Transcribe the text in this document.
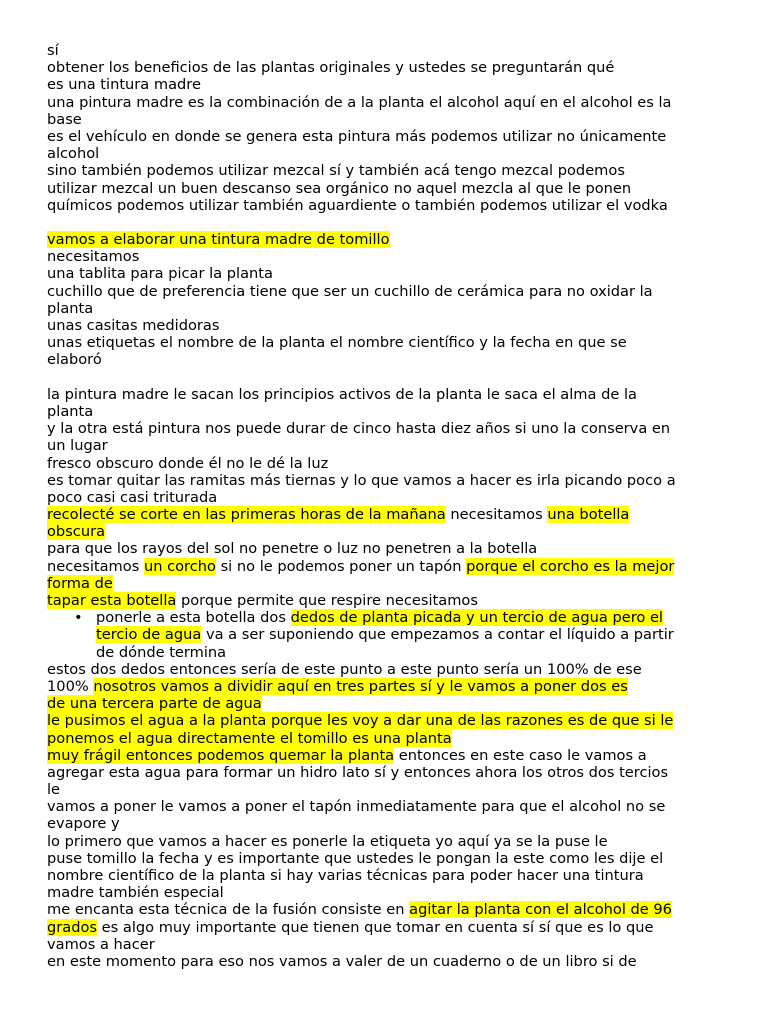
sí
obtener los beneficios de las plantas originales y ustedes se preguntarán qué
es una tintura madre
una pintura madre es la combinación de a la planta el alcohol aquí en el alcohol es la
base
es el vehículo en donde se genera esta pintura más podemos utilizar no únicamente
alcohol
sino también podemos utilizar mezcal sí y también acá tengo mezcal podemos
utilizar mezcal un buen descanso sea orgánico no aquel mezcla al que le ponen
químicos podemos utilizar también aguardiente o también podemos utilizar el vodka
vamos a elaborar una tintura madre de tomillo
necesitamos
una tablita para picar la planta
cuchillo que de preferencia tiene que ser un cuchillo de cerámica para no oxidar la
planta
unas casitas medidoras
unas etiquetas el nombre de la planta el nombre científico y la fecha en que se
elaboró
la pintura madre le sacan los principios activos de la planta le saca el alma de la
planta
y la otra está pintura nos puede durar de cinco hasta diez años si uno la conserva en
un lugar
fresco obscuro donde él no le dé la luz
es tomar quitar las ramitas más tiernas y lo que vamos a hacer es irla picando poco a
poco casi casi triturada
recolecté se corte en las primeras horas de la mañana necesitamos una botella
obscura
para que los rayos del sol no penetre o luz no penetren a la botella
necesitamos un corcho si no le podemos poner un tapón porque el corcho es la mejor
forma de
tapar esta botella porque permite que respire necesitamos
• ponerle a esta botella dos dedos de planta picada y un tercio de agua pero el
tercio de agua va a ser suponiendo que empezamos a contar el líquido a partir
de dónde termina
estos dos dedos entonces sería de este punto a este punto sería un 100% de ese
100% nosotros vamos a dividir aquí en tres partes sí y le vamos a poner dos es
de una tercera parte de agua
le pusimos el agua a la planta porque les voy a dar una de las razones es de que si le
ponemos el agua directamente el tomillo es una planta
muy frágil entonces podemos quemar la planta entonces en este caso le vamos a
agregar esta agua para formar un hidro lato sí y entonces ahora los otros dos tercios
le
vamos a poner le vamos a poner el tapón inmediatamente para que el alcohol no se
evapore y
lo primero que vamos a hacer es ponerle la etiqueta yo aquí ya se la puse le
puse tomillo la fecha y es importante que ustedes le pongan la este como les dije el
nombre científico de la planta si hay varias técnicas para poder hacer una tintura
madre también especial
me encanta esta técnica de la fusión consiste en agitar la planta con el alcohol de 96
grados es algo muy importante que tienen que tomar en cuenta sí sí que es lo que
vamos a hacer
en este momento para eso nos vamos a valer de un cuaderno o de un libro si de
